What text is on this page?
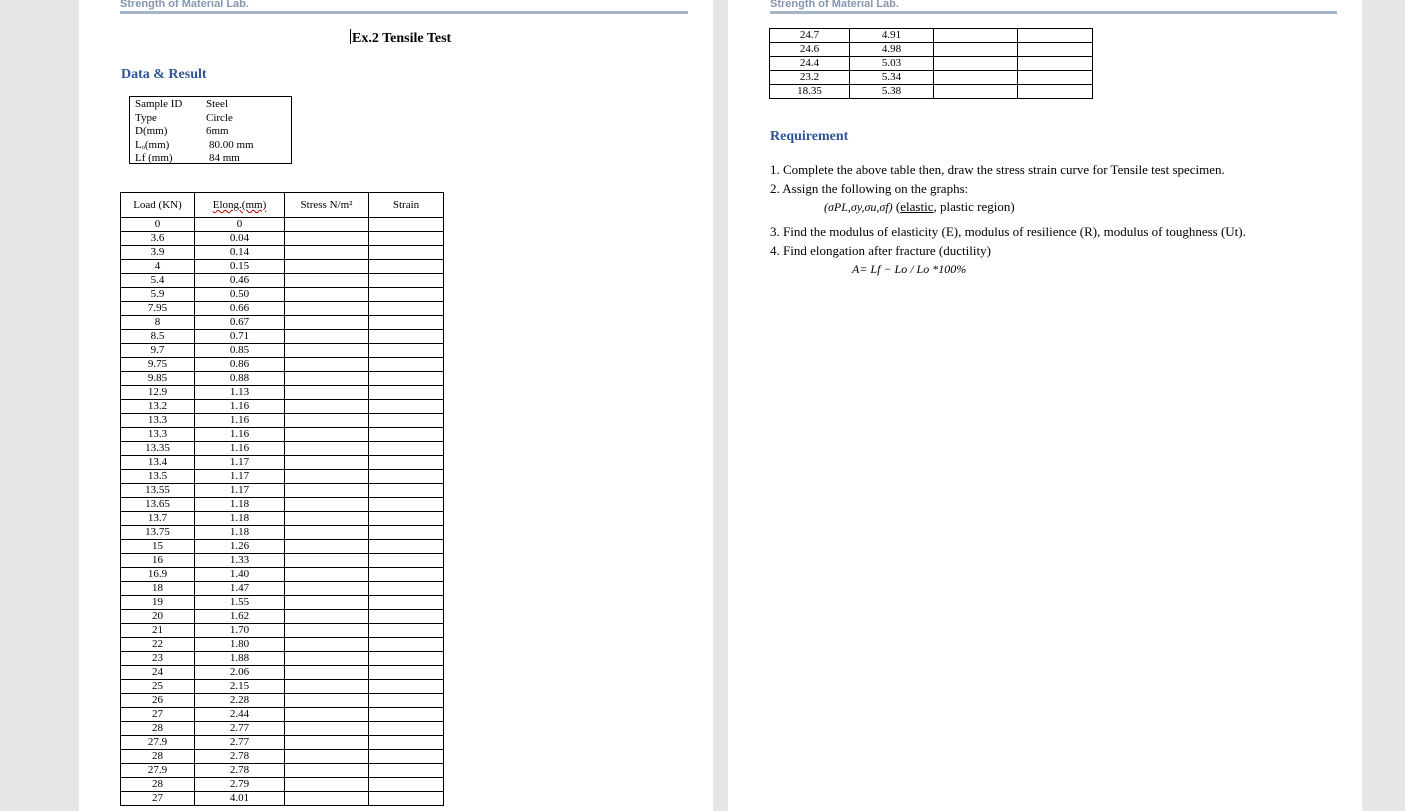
Strength of Material Lab.
Ex.2 Tensile Test
Data & Result
Sample ID Steel
Type	Circle
D(mm)	6mm
Lₒ(mm)	80.00 mm
Lf (mm)	84 mm
Load (KN)	Elong.(mm)	Stress N/m²	Strain
0	0		
3.6	0.04		
3.9	0.14		
4	0.15		
5.4	0.46		
5.9	0.50		
7.95	0.66		
8	0.67		
8.5	0.71		
9.7	0.85		
9.75	0.86		
9.85	0.88		
12.9	1.13		
13.2	1.16		
13.3	1.16		
13.3	1.16		
13.35	1.16		
13.4	1.17		
13.5	1.17		
13.55	1.17		
13.65	1.18		
13.7	1.18		
13.75	1.18		
15	1.26		
16	1.33		
16.9	1.40		
18	1.47		
19	1.55		
20	1.62		
21	1.70		
22	1.80		
23	1.88		
24	2.06		
25	2.15		
26	2.28		
27	2.44		
28	2.77		
27.9	2.77		
28	2.78		
27.9	2.78		
28	2.79		
27	4.01		
Strength of Material Lab.
24.7	4.91		
24.6	4.98		
24.4	5.03		
23.2	5.34		
18.35	5.38		
Requirement
1. Complete the above table then, draw the stress strain curve for Tensile test specimen.
2. Assign the following on the graphs:
(σPL,σy,σu,σf) (elastic, plastic region)
3. Find the modulus of elasticity (E), modulus of resilience (R), modulus of toughness (Ut).
4. Find elongation after fracture (ductility)
A= Lf − Lo / Lo *100%
